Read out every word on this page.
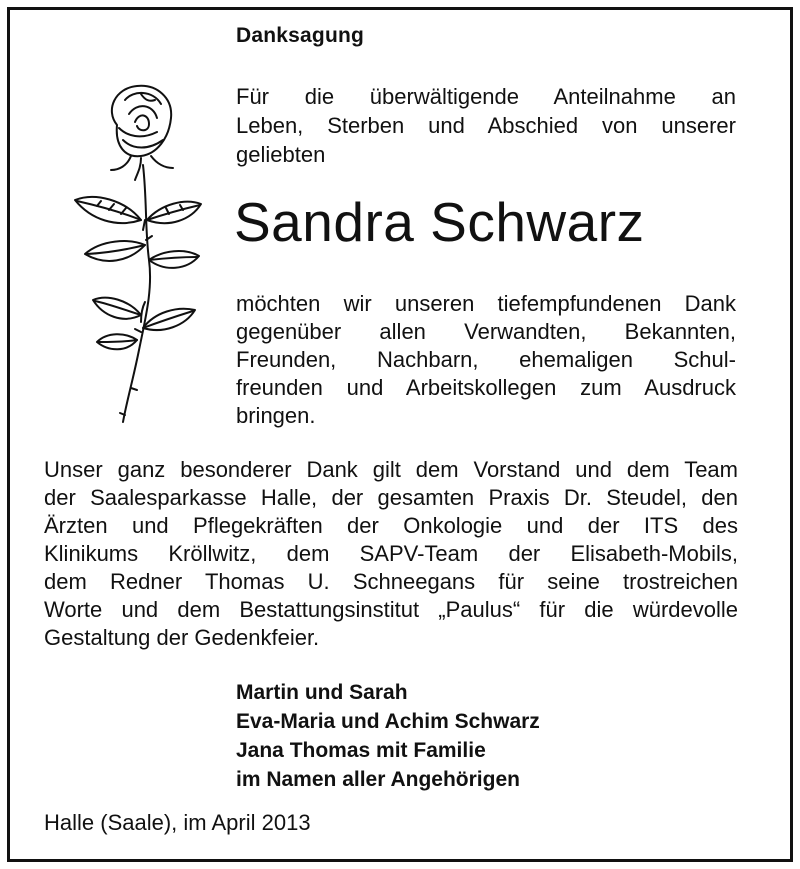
Danksagung
Für die überwältigende Anteilnahme an
Leben, Sterben und Abschied von unserer
geliebten
Sandra Schwarz
möchten wir unseren tiefempfundenen Dank
gegenüber allen Verwandten, Bekannten,
Freunden, Nachbarn, ehemaligen Schul-
freunden und Arbeitskollegen zum Ausdruck
bringen.
Unser ganz besonderer Dank gilt dem Vorstand und dem Team
der Saalesparkasse Halle, der gesamten Praxis Dr. Steudel, den
Ärzten und Pflegekräften der Onkologie und der ITS des
Klinikums Kröllwitz, dem SAPV-Team der Elisabeth-Mobils,
dem Redner Thomas U. Schneegans für seine trostreichen
Worte und dem Bestattungsinstitut „Paulus“ für die würdevolle
Gestaltung der Gedenkfeier.
Martin und Sarah
Eva-Maria und Achim Schwarz
Jana Thomas mit Familie
im Namen aller Angehörigen
Halle (Saale), im April 2013
